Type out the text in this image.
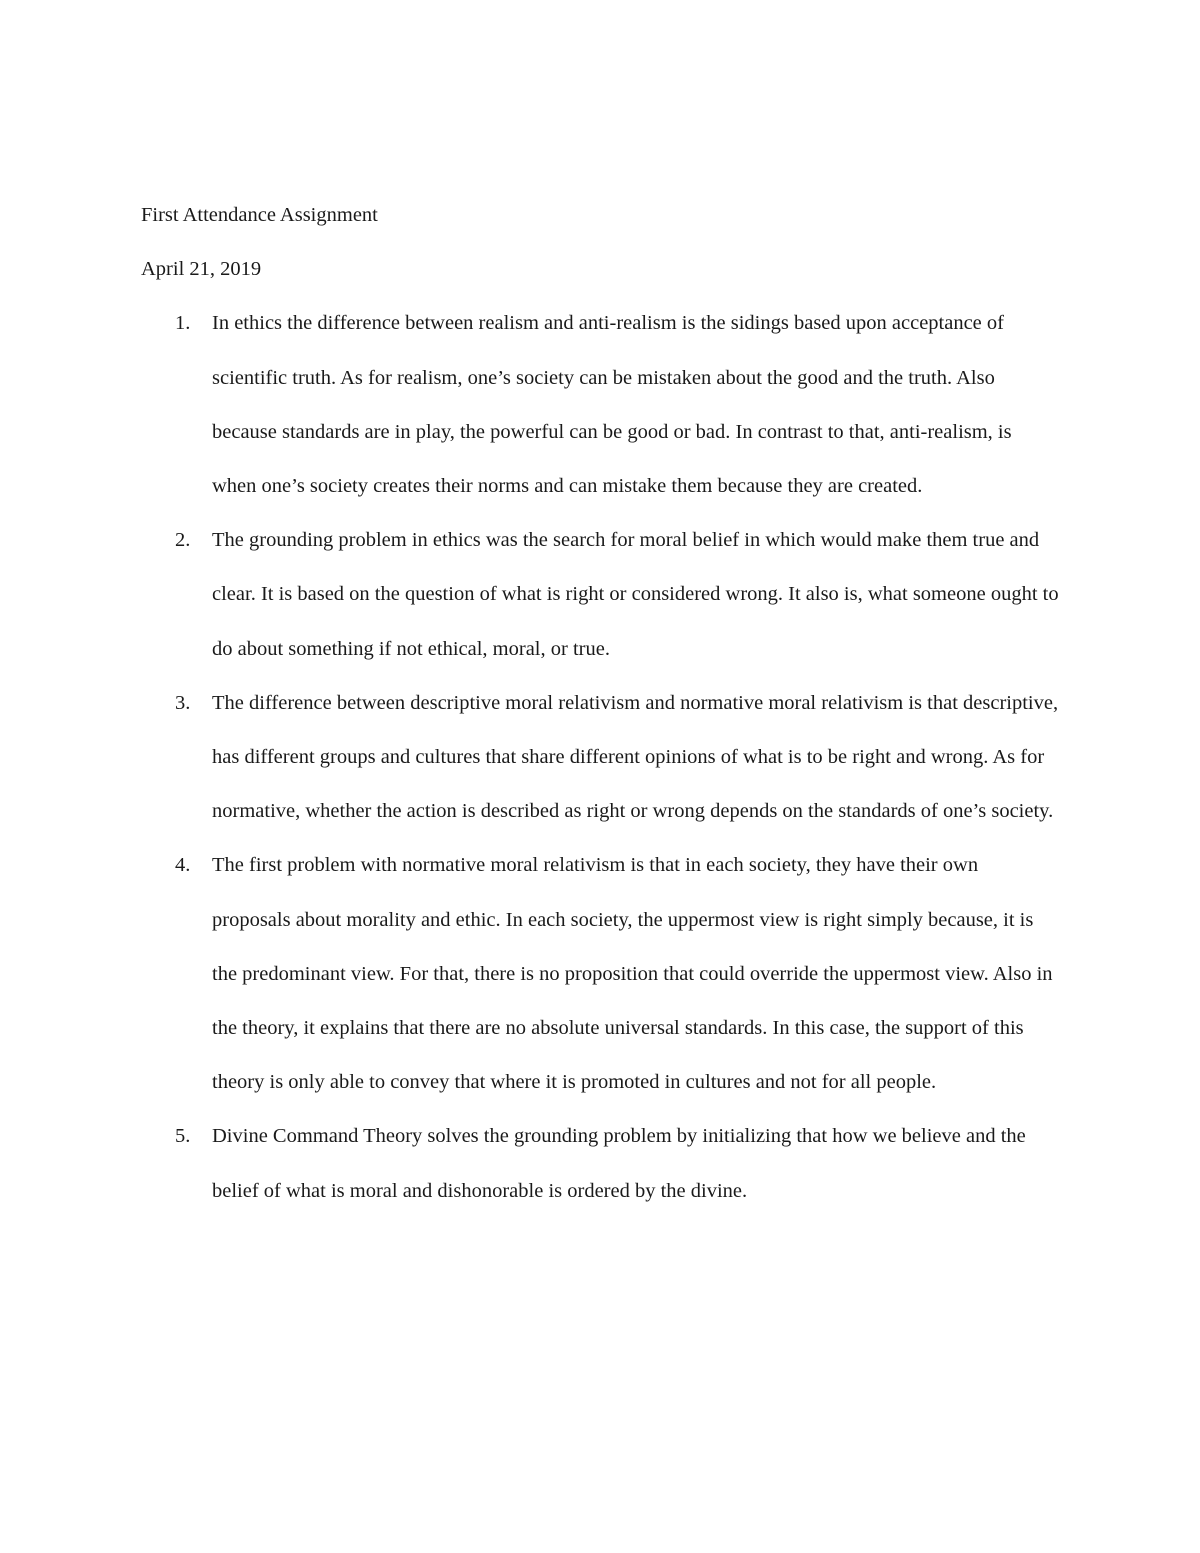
First Attendance Assignment

April 21, 2019

1. In ethics the difference between realism and anti-realism is the sidings based upon acceptance of scientific truth. As for realism, one’s society can be mistaken about the good and the truth. Also because standards are in play, the powerful can be good or bad. In contrast to that, anti-realism, is when one’s society creates their norms and can mistake them because they are created.
2. The grounding problem in ethics was the search for moral belief in which would make them true and clear. It is based on the question of what is right or considered wrong. It also is, what someone ought to do about something if not ethical, moral, or true.
3. The difference between descriptive moral relativism and normative moral relativism is that descriptive, has different groups and cultures that share different opinions of what is to be right and wrong. As for normative, whether the action is described as right or wrong depends on the standards of one’s society.
4. The first problem with normative moral relativism is that in each society, they have their own proposals about morality and ethic. In each society, the uppermost view is right simply because, it is the predominant view. For that, there is no proposition that could override the uppermost view. Also in the theory, it explains that there are no absolute universal standards. In this case, the support of this theory is only able to convey that where it is promoted in cultures and not for all people.
5. Divine Command Theory solves the grounding problem by initializing that how we believe and the belief of what is moral and dishonorable is ordered by the divine.
